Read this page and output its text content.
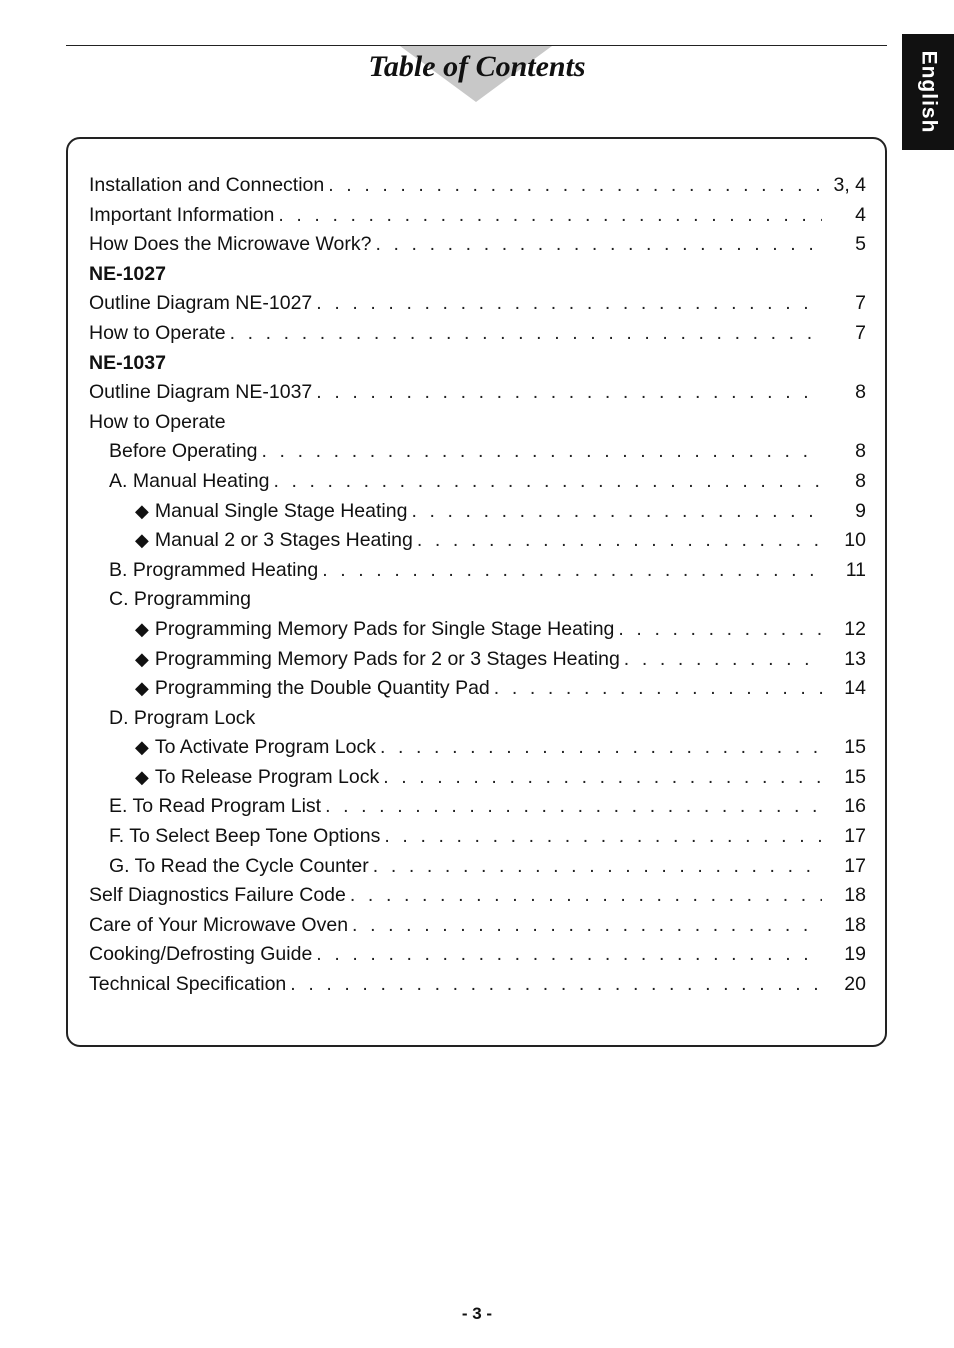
Table of Contents	English
Installation and Connection . . .	3, 4
Important Information . . .	4
How Does the Microwave Work? . . .	5
NE-1027
Outline Diagram NE-1027 . . .	7
How to Operate . . .	7
NE-1037
Outline Diagram NE-1037 . . .	8
How to Operate
Before Operating . . .	8
A. Manual Heating . . .	8
◆ Manual Single Stage Heating . . .	9
◆ Manual 2 or 3 Stages Heating . . .	10
B. Programmed Heating . . .	11
C. Programming
◆ Programming Memory Pads for Single Stage Heating . . .	12
◆ Programming Memory Pads for 2 or 3 Stages Heating . . .	13
◆ Programming the Double Quantity Pad . . .	14
D. Program Lock
◆ To Activate Program Lock . . .	15
◆ To Release Program Lock . . .	15
E. To Read Program List . . .	16
F. To Select Beep Tone Options . . .	17
G. To Read the Cycle Counter . . .	17
Self Diagnostics Failure Code . . .	18
Care of Your Microwave Oven . . .	18
Cooking/Defrosting Guide . . .	19
Technical Specification . . .	20
- 3 -
